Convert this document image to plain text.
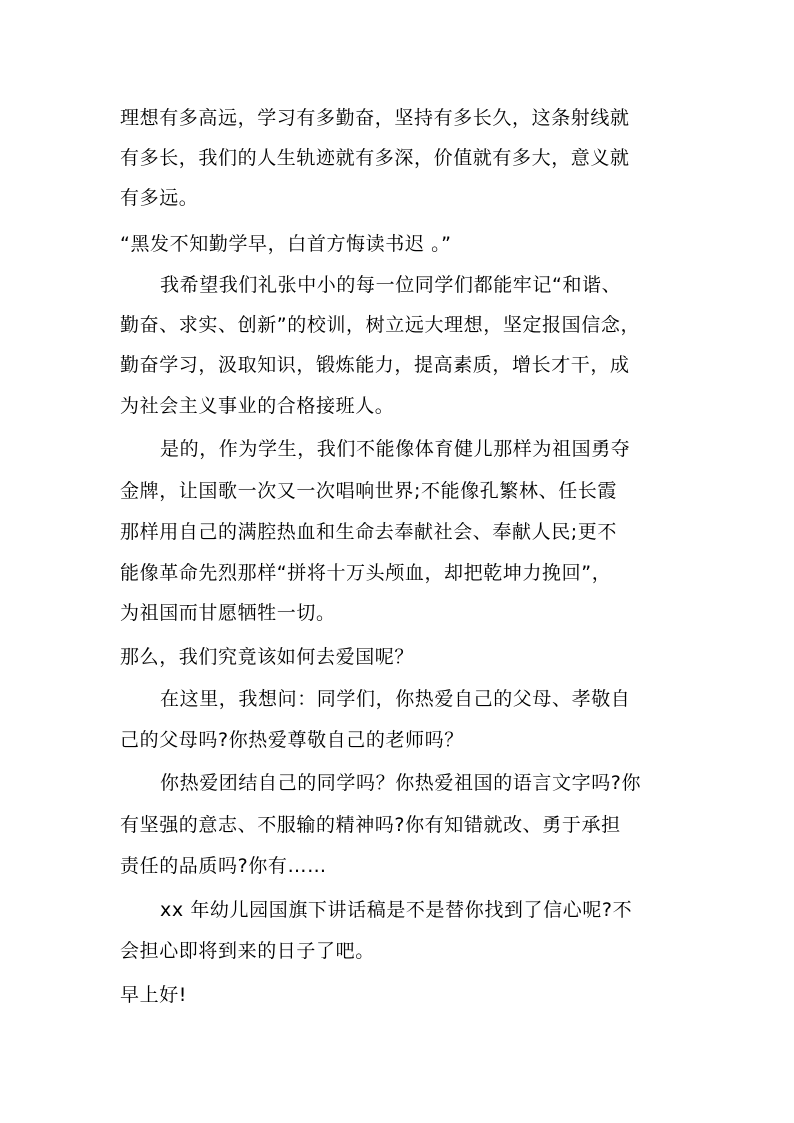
理想有多高远，学习有多勤奋，坚持有多长久，这条射线就
有多长，我们的人生轨迹就有多深，价值就有多大，意义就
有多远。
“黑发不知勤学早，白首方悔读书迟 。”
我希望我们礼张中小的每一位同学们都能牢记“和谐、
勤奋、求实、创新”的校训，树立远大理想，坚定报国信念，
勤奋学习，汲取知识，锻炼能力，提高素质，增长才干，成
为社会主义事业的合格接班人。
是的，作为学生，我们不能像体育健儿那样为祖国勇夺
金牌，让国歌一次又一次唱响世界;不能像孔繁林、任长霞
那样用自己的满腔热血和生命去奉献社会、奉献人民;更不
能像革命先烈那样“拼将十万头颅血，却把乾坤力挽回”，
为祖国而甘愿牺牲一切。
那么，我们究竟该如何去爱国呢？
在这里，我想问：同学们，你热爱自己的父母、孝敬自
己的父母吗?你热爱尊敬自己的老师吗？
你热爱团结自己的同学吗？你热爱祖国的语言文字吗?你
有坚强的意志、不服输的精神吗?你有知错就改、勇于承担
责任的品质吗?你有……
xx 年幼儿园国旗下讲话稿是不是替你找到了信心呢?不
会担心即将到来的日子了吧。
早上好!
